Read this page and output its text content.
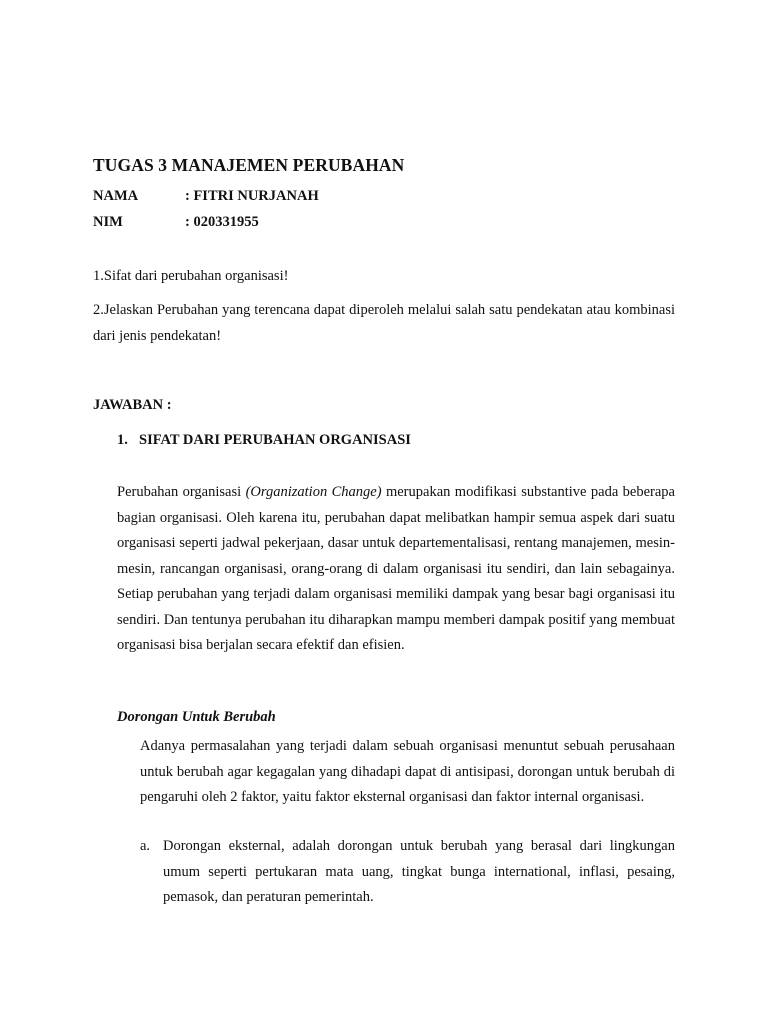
TUGAS 3 MANAJEMEN PERUBAHAN
NAMA	: FITRI NURJANAH
NIM	: 020331955
1.Sifat dari perubahan organisasi!
2.Jelaskan Perubahan yang terencana dapat diperoleh melalui salah satu pendekatan atau kombinasi dari jenis pendekatan!
JAWABAN :
1. SIFAT DARI PERUBAHAN ORGANISASI

Perubahan organisasi (Organization Change) merupakan modifikasi substantive pada beberapa bagian organisasi. Oleh karena itu, perubahan dapat melibatkan hampir semua aspek dari suatu organisasi seperti jadwal pekerjaan, dasar untuk departementalisasi, rentang manajemen, mesin-mesin, rancangan organisasi, orang-orang di dalam organisasi itu sendiri, dan lain sebagainya. Setiap perubahan yang terjadi dalam organisasi memiliki dampak yang besar bagi organisasi itu sendiri. Dan tentunya perubahan itu diharapkan mampu memberi dampak positif yang membuat organisasi bisa berjalan secara efektif dan efisien.

Dorongan Untuk Berubah

Adanya permasalahan yang terjadi dalam sebuah organisasi menuntut sebuah perusahaan untuk berubah agar kegagalan yang dihadapi dapat di antisipasi, dorongan untuk berubah di pengaruhi oleh 2 faktor, yaitu faktor eksternal organisasi dan faktor internal organisasi.

a. Dorongan eksternal, adalah dorongan untuk berubah yang berasal dari lingkungan umum seperti pertukaran mata uang, tingkat bunga international, inflasi, pesaing, pemasok, dan peraturan pemerintah.
